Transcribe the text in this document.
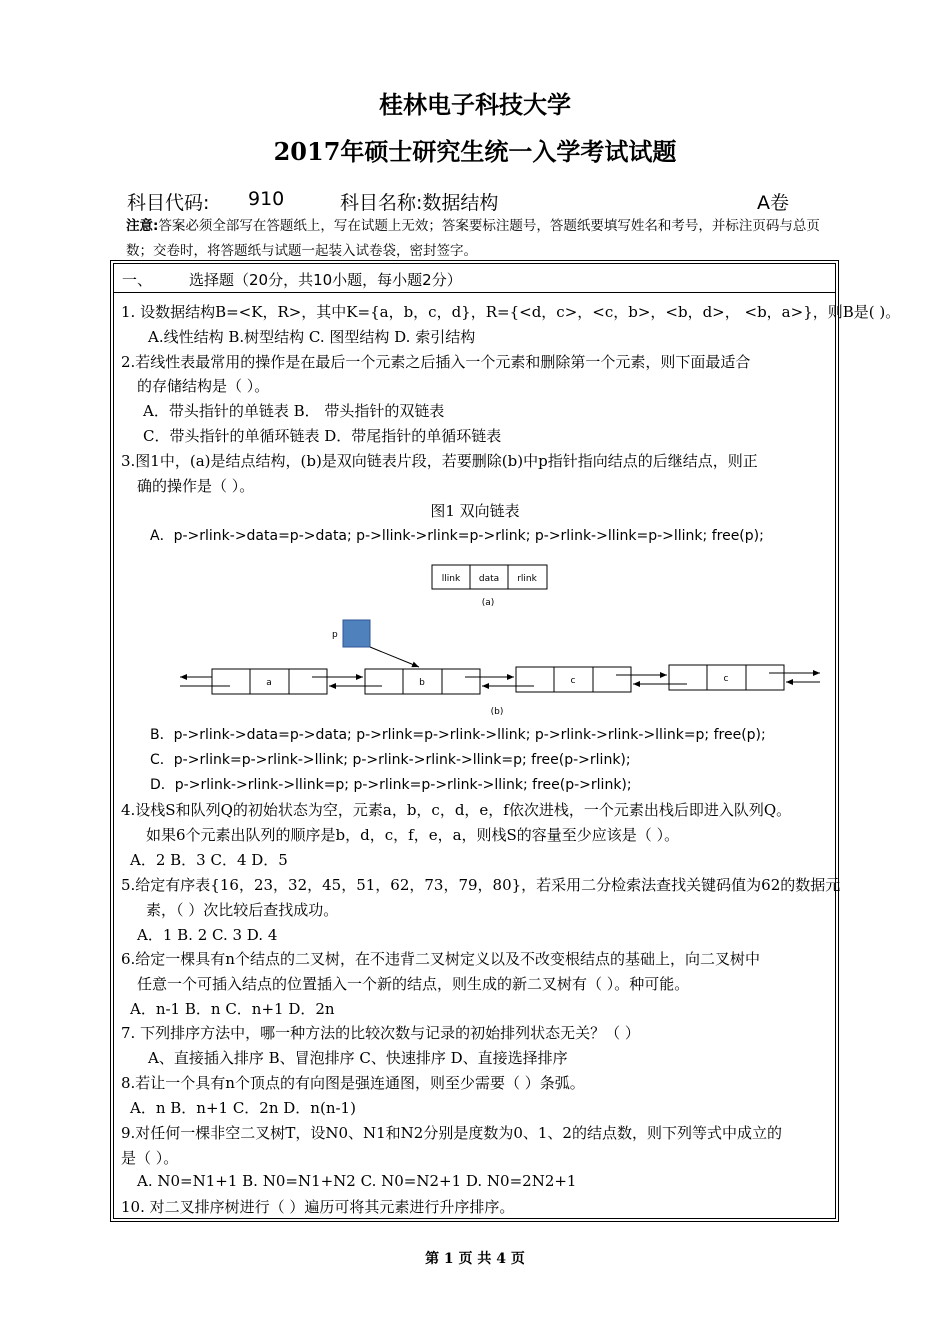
桂林电子科技大学
2017年硕士研究生统一入学考试试题
科目代码: 910	科目名称:数据结构	A卷
注意:答案必须全部写在答题纸上，写在试题上无效；答案要标注题号，答题纸要填写姓名和考号，并标注页码与总页数；交卷时，将答题纸与试题一起装入试卷袋，密封签字。
一、 选择题（20分，共10小题，每小题2分）
1. 设数据结构B=<K，R>，其中K={a，b，c，d}，R={<d，c>，<c，b>，<b，d>， <b，a>}，则B是( )。
A.线性结构 B.树型结构 C. 图型结构 D. 索引结构
2.若线性表最常用的操作是在最后一个元素之后插入一个元素和删除第一个元素，则下面最适合
的存储结构是（ ）。
A．带头指针的单链表 B． 带头指针的双链表
C．带头指针的单循环链表 D．带尾指针的单循环链表
3.图1中，(a)是结点结构，(b)是双向链表片段，若要删除(b)中p指针指向结点的后继结点，则正
确的操作是（ ）。
图1 双向链表
A．p->rlink->data=p->data; p->llink->rlink=p->rlink; p->rlink->llink=p->llink; free(p);
llink data rlink
(a)
p
a	b	c	c
(b)
B．p->rlink->data=p->data; p->rlink=p->rlink->llink; p->rlink->rlink->llink=p; free(p);
C．p->rlink=p->rlink->llink; p->rlink->rlink->llink=p; free(p->rlink);
D．p->rlink->rlink->llink=p; p->rlink=p->rlink->llink; free(p->rlink);
4.设栈S和队列Q的初始状态为空，元素a，b，c，d，e，f依次进栈，一个元素出栈后即进入队列Q。
如果6个元素出队列的顺序是b，d，c，f，e，a，则栈S的容量至少应该是（ ）。
A．2 B．3 C．4 D．5
5.给定有序表{16，23，32，45，51，62，73，79，80}，若采用二分检索法查找关键码值为62的数据元
素，（ ）次比较后查找成功。
A．1 B. 2 C. 3 D. 4
6.给定一棵具有n个结点的二叉树，在不违背二叉树定义以及不改变根结点的基础上，向二叉树中
任意一个可插入结点的位置插入一个新的结点，则生成的新二叉树有（ ）。种可能。
A．n-1 B．n C．n+1 D．2n
7. 下列排序方法中，哪一种方法的比较次数与记录的初始排列状态无关？（ ）
A、直接插入排序 B、冒泡排序 C、快速排序 D、直接选择排序
8.若让一个具有n个顶点的有向图是强连通图，则至少需要（ ）条弧。
A．n B．n+1 C．2n D．n(n-1)
9.对任何一棵非空二叉树T，设N0、N1和N2分别是度数为0、1、2的结点数，则下列等式中成立的
是（ ）。
A. N0=N1+1 B. N0=N1+N2 C. N0=N2+1 D. N0=2N2+1
10. 对二叉排序树进行（ ）遍历可将其元素进行升序排序。
第 1 页 共 4 页
